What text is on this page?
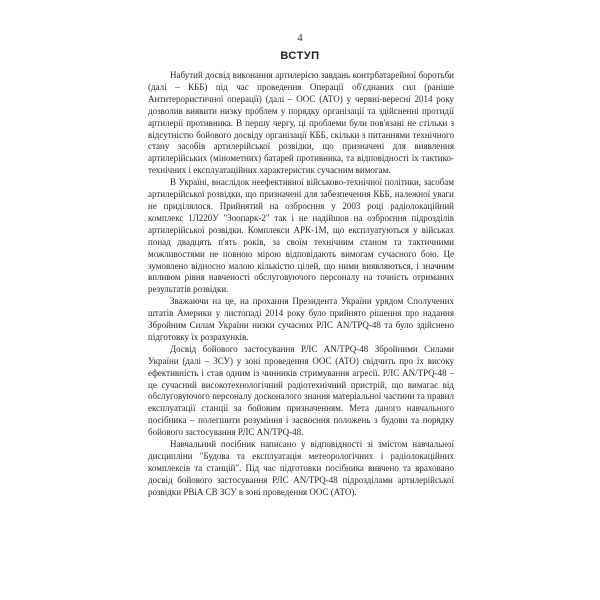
4
ВСТУП

Набутий досвід виконання артилерією завдань контрбатарейної боротьби (далі – КББ) під час проведення Операції об'єднаних сил (раніше Антитерористичної операції) (далі – ООС (АТО) у червні-вересні 2014 року дозволив виявити низку проблем у порядку організації та здійсненні протидії артилерії противника. В першу чергу, ці проблеми були пов'язані не стільки з відсутністю бойового досвіду організації КББ, скільки з питаннями технічного стану засобів артилерійської розвідки, що призначені для виявлення артилерійських (мінометних) батарей противника, та відповідності їх тактико-технічних і експлуатаційних характеристик сучасним вимогам.

В Україні, внаслідок неефективної військово-технічної політики, засобам артилерійської розвідки, що призначені для забезпечення КББ, належної уваги не приділялося. Прийнятий на озброєння у 2003 році радіолокаційний комплекс 1Л220У "Зоопарк-2" так і не надійшов на озброєння підрозділів артилерійської розвідки. Комплекси АРК-1М, що експлуатуються у військах понад двадцять п'ять років, за своїм технічним станом та тактичними можливостями не повною мірою відповідають вимогам сучасного бою. Це зумовлено відносно малою кількістю цілей, що ними виявляються, і значним впливом рівня навченості обслуговуючого персоналу на точність отриманих результатів розвідки.

Зважаючи на це, на прохання Президента України урядом Сполучених штатів Америки у листопаді 2014 року було прийнято рішення про надання Збройним Силам України низки сучасних РЛС AN/TPQ-48 та було здійснено підготовку їх розрахунків.

Досвід бойового застосування РЛС AN/TPQ-48 Збройними Силами України (далі – ЗСУ) у зоні проведення ООС (АТО) свідчить про їх високу ефективність і став одним із чинників стримування агресії. РЛС AN/TPQ-48 – це сучасний високотехнологічний радіотехнічний пристрій, що вимагає від обслуговуючого персоналу досконалого знання матеріальної частини та правил експлуатації станції за бойовим призначенням. Мета даного навчального посібника – полегшити розуміння і засвоєння положень з будови та порядку бойового застосування РЛС AN/TPQ-48.

Навчальний посібник написано у відповідності зі змістом навчальної дисципліни "Будова та експлуатація метеорологічних і радіолокаційних комплексів та станцій". Під час підготовки посібника вивчено та враховано досвід бойового застосування РЛС AN/TPQ-48 підрозділами артилерійської розвідки РВіА СВ ЗСУ в зоні проведення ООС (АТО).
